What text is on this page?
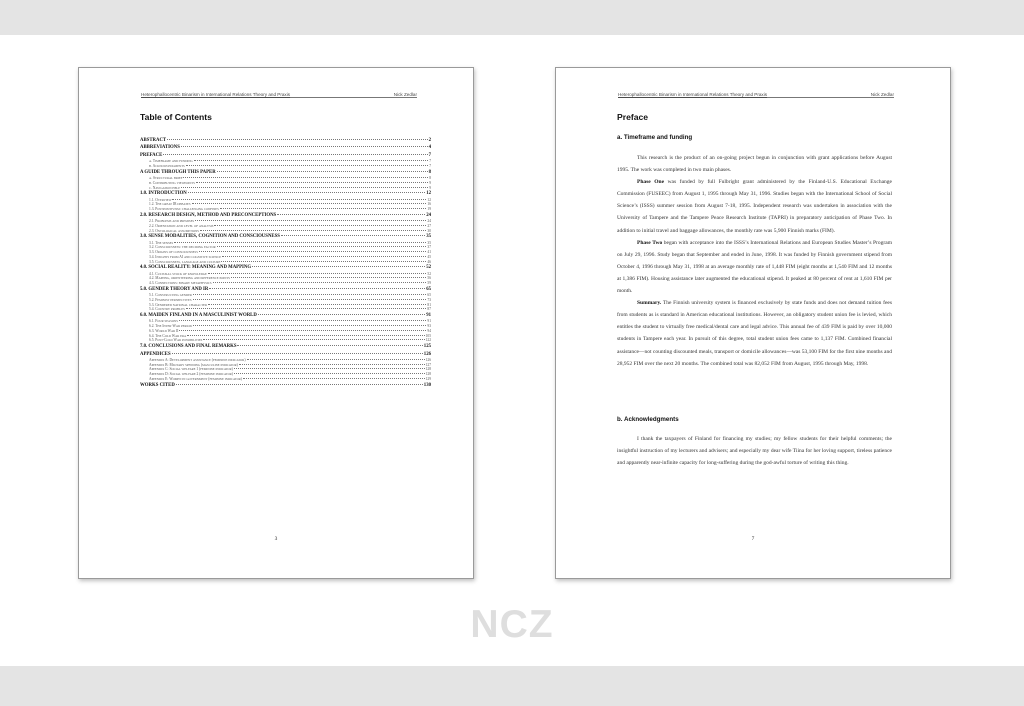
Heterophallocentric Binarism in International Relations Theory and Praxis	Nick Zedlar
Table of Contents
ABSTRACT	2
ABBREVIATIONS	4
PREFACE	7
a. Timeframe and funding	7
b. Acknowledgments	7
A GUIDE THROUGH THIS PAPER	8
a. Structural brief	8
b. Contributing viewpoints	9
c. Navigation help	9
1.0. INTRODUCTION	12
1.1. Overview	12
1.2. The great IR debates	16
1.3. Postpositivism: challenging confines	19
2.0. RESEARCH DESIGN, METHOD AND PRECONCEPTIONS	24
2.1. Problems and premises	24
2.2. Orientation and level of analysis	27
2.3. Ontological assumptions	30
3.0. SENSE MODALITIES, COGNITION AND CONSCIOUSNESS	35
3.1. The senses	35
3.2. Consciousness: the deciding factor	37
3.3. Origins of consciousness	41
3.4. Insights from AI and cognitive science	45
3.5. Consciousness, language and culture	46
4.0. SOCIAL REALITY: MEANING AND MAPPING	52
4.1. Cultural stock of knowledge	52
4.2. Mapping, orienteering and reference points	56
4.3. Connections: binary metaphysics	59
5.0. GENDER THEORY AND IR	65
5.1. Constructing gender	65
5.2. Feminist perspectives	73
5.3. Gendered national character	81
5.4. Country profiles	87
6.0. MAIDEN FINLAND IN A MASCULINIST WORLD	91
6.1. Four seasons	91
6.2. The Inter-War period	93
6.3. World War II	94
6.4. The Cold War era	105
6.5. Post-Cold War possibilities	122
7.0. CONCLUSIONS AND FINAL REMARKS	125
APPENDICES	126
Appendix A: Development assistance (feminine indicator)	126
Appendix B: Military spending (masculine indicator)	127
Appendix C: Social welfare 1 (feminine indicator)	128
Appendix D: Social welfare 2 (feminine indicator)	128
Appendix E: Women in government (feminine indicator)	129
WORKS CITED	130
3
Heterophallocentric Binarism in International Relations Theory and Praxis	Nick Zedlar
Preface
a. Timeframe and funding

This research is the product of an on-going project begun in conjunction with grant applications before August 1995. The work was completed in two main phases.

Phase One was funded by full Fulbright grant administered by the Finland-U.S. Educational Exchange Commission (FUSEEC) from August 1, 1995 through May 31, 1996. Studies began with the International School of Social Science’s (ISSS) summer session from August 7-18, 1995. Independent research was undertaken in association with the University of Tampere and the Tampere Peace Research Institute (TAPRI) in preparatory anticipation of Phase Two. In addition to initial travel and baggage allowances, the monthly rate was 5,900 Finnish marks (FIM).

Phase Two began with acceptance into the ISSS’s International Relations and European Studies Master’s Program on July 29, 1996. Study began that September and ended in June, 1998. It was funded by Finnish government stipend from October 4, 1996 through May 31, 1998 at an average monthly rate of 1,448 FIM (eight months at 1,540 FIM and 12 months at 1,386 FIM). Housing assistance later augmented the educational stipend. It peaked at 80 percent of rent at 1,610 FIM per month.

Summary. The Finnish university system is financed exclusively by state funds and does not demand tuition fees from students as is standard in American educational institutions. However, an obligatory student union fee is levied, which entitles the student to virtually free medical/dental care and legal advice. This annual fee of 439 FIM is paid by over 10,000 students in Tampere each year. In pursuit of this degree, total student union fees came to 1,137 FIM. Combined financial assistance—not counting discounted meals, transport or domicile allowances—was 53,100 FIM for the first nine months and 28,952 FIM over the next 20 months. The combined total was 82,052 FIM from August, 1995 through May, 1998.

b. Acknowledgments

I thank the taxpayers of Finland for financing my studies; my fellow students for their helpful comments; the insightful instruction of my lecturers and advisers; and especially my dear wife Tiina for her loving support, tireless patience and apparently near-infinite capacity for long-suffering during the god-awful torture of writing this thing.

7
NCZ
